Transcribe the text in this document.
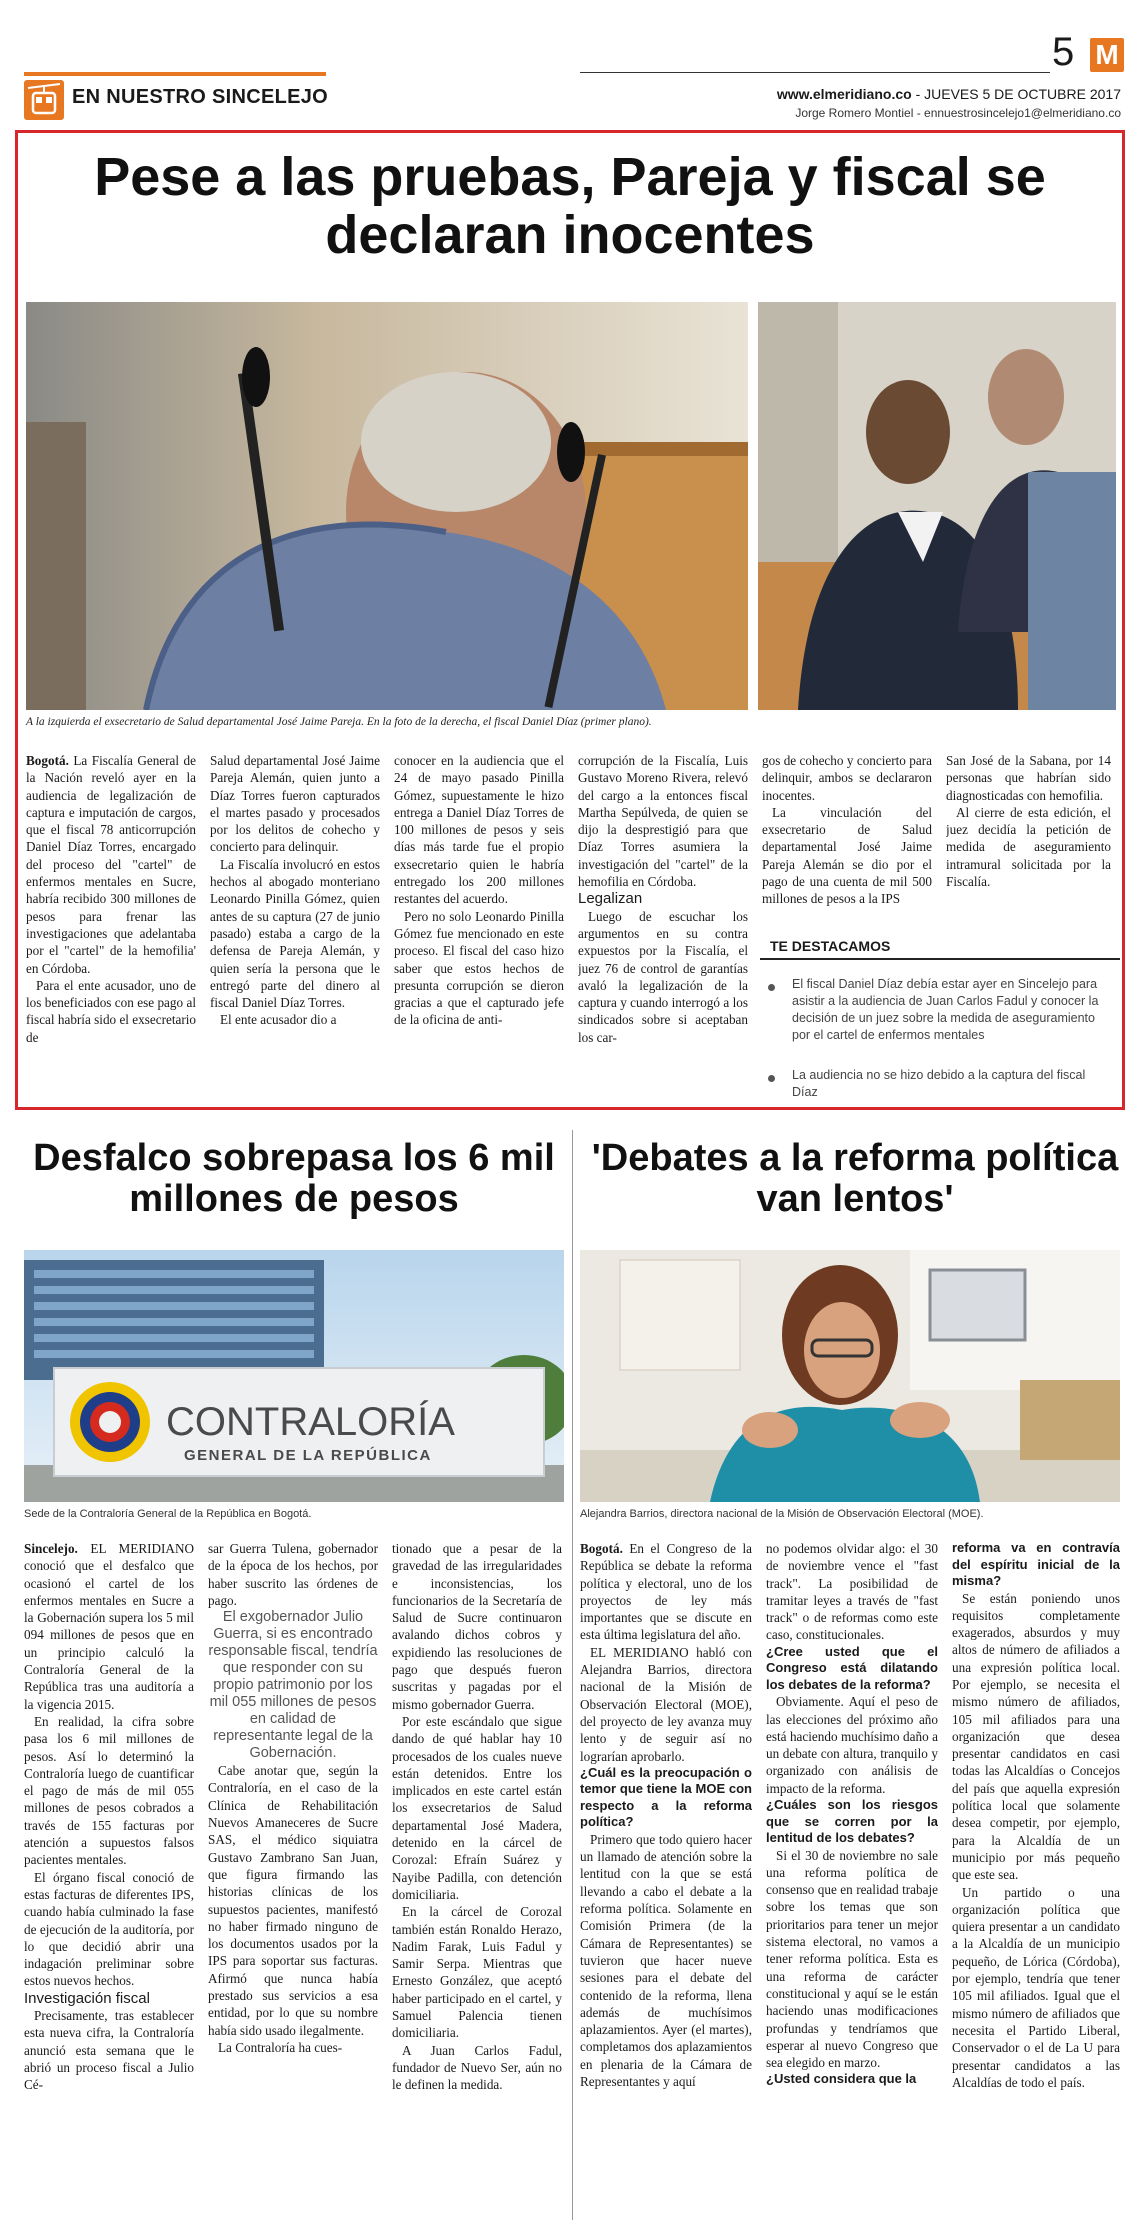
EN NUESTRO SINCELEJO
5 M
www.elmeridiano.co - JUEVES 5 DE OCTUBRE 2017
Jorge Romero Montiel - ennuestrosincelejo1@elmeridiano.co
Pese a las pruebas, Pareja y fiscal se declaran inocentes
A la izquierda el exsecretario de Salud departamental José Jaime Pareja. En la foto de la derecha, el fiscal Daniel Díaz (primer plano).

Bogotá. La Fiscalía General de la Nación reveló ayer en la audiencia de legalización de captura e imputación de cargos, que el fiscal 78 anticorrupción Daniel Díaz Torres, encargado del proceso del "cartel" de enfermos mentales en Sucre, habría recibido 300 millones de pesos para frenar las investigaciones que adelantaba por el "cartel" de la hemofilia' en Córdoba.

Para el ente acusador, uno de los beneficiados con ese pago al fiscal habría sido el exsecretario de

Salud departamental José Jaime Pareja Alemán, quien junto a Díaz Torres fueron capturados el martes pasado y procesados por los delitos de cohecho y concierto para delinquir.

La Fiscalía involucró en estos hechos al abogado monteriano Leonardo Pinilla Gómez, quien antes de su captura (27 de junio pasado) estaba a cargo de la defensa de Pareja Alemán, y quien sería la persona que le entregó parte del dinero al fiscal Daniel Díaz Torres.

El ente acusador dio a

conocer en la audiencia que el 24 de mayo pasado Pinilla Gómez, supuestamente le hizo entrega a Daniel Díaz Torres de 100 millones de pesos y seis días más tarde fue el propio exsecretario quien le habría entregado los 200 millones restantes del acuerdo.

Pero no solo Leonardo Pinilla Gómez fue mencionado en este proceso. El fiscal del caso hizo saber que estos hechos de presunta corrupción se dieron gracias a que el capturado jefe de la oficina de anti-

corrupción de la Fiscalía, Luis Gustavo Moreno Rivera, relevó del cargo a la entonces fiscal Martha Sepúlveda, de quien se dijo la desprestigió para que Díaz Torres asumiera la investigación del "cartel" de la hemofilia en Córdoba.

Legalizan

Luego de escuchar los argumentos en su contra expuestos por la Fiscalía, el juez 76 de control de garantías avaló la legalización de la captura y cuando interrogó a los sindicados sobre si aceptaban los car-

gos de cohecho y concierto para delinquir, ambos se declararon inocentes.

La vinculación del exsecretario de Salud departamental José Jaime Pareja Alemán se dio por el pago de una cuenta de mil 500 millones de pesos a la IPS

San José de la Sabana, por 14 personas que habrían sido diagnosticadas con hemofilia.

Al cierre de esta edición, el juez decidía la petición de medida de aseguramiento intramural solicitada por la Fiscalía.

TE DESTACAMOS
El fiscal Daniel Díaz debía estar ayer en Sincelejo para asistir a la audiencia de Juan Carlos Fadul y conocer la decisión de un juez sobre la medida de aseguramiento por el cartel de enfermos mentales
La audiencia no se hizo debido a la captura del fiscal Díaz
Desfalco sobrepasa los 6 mil millones de pesos
CONTRALORÍA
GENERAL DE LA REPÚBLICA
Sede de la Contraloría General de la República en Bogotá.

Sincelejo. EL MERIDIANO conoció que el desfalco que ocasionó el cartel de los enfermos mentales en Sucre a la Gobernación supera los 5 mil 094 millones de pesos que en un principio calculó la Contraloría General de la República tras una auditoría a la vigencia 2015.

En realidad, la cifra sobre pasa los 6 mil millones de pesos. Así lo determinó la Contraloría luego de cuantificar el pago de más de mil 055 millones de pesos cobrados a través de 155 facturas por atención a supuestos falsos pacientes mentales.

El órgano fiscal conoció de estas facturas de diferentes IPS, cuando había culminado la fase de ejecución de la auditoría, por lo que decidió abrir una indagación preliminar sobre estos nuevos hechos.

Investigación fiscal

Precisamente, tras establecer esta nueva cifra, la Contraloría anunció esta semana que le abrió un proceso fiscal a Julio Cé-

sar Guerra Tulena, gobernador de la época de los hechos, por haber suscrito las órdenes de pago.

El exgobernador Julio Guerra, si es encontrado responsable fiscal, tendría que responder con su propio patrimonio por los mil 055 millones de pesos en calidad de representante legal de la Gobernación.

Cabe anotar que, según la Contraloría, en el caso de la Clínica de Rehabilitación Nuevos Amaneceres de Sucre SAS, el médico siquiatra Gustavo Zambrano San Juan, que figura firmando las historias clínicas de los supuestos pacientes, manifestó no haber firmado ninguno de los documentos usados por la IPS para soportar sus facturas. Afirmó que nunca había prestado sus servicios a esa entidad, por lo que su nombre había sido usado ilegalmente.

La Contraloría ha cues-

tionado que a pesar de la gravedad de las irregularidades e inconsistencias, los funcionarios de la Secretaría de Salud de Sucre continuaron avalando dichos cobros y expidiendo las resoluciones de pago que después fueron suscritas y pagadas por el mismo gobernador Guerra.

Por este escándalo que sigue dando de qué hablar hay 10 procesados de los cuales nueve están detenidos. Entre los implicados en este cartel están los exsecretarios de Salud departamental José Madera, detenido en la cárcel de Corozal: Efraín Suárez y Nayibe Padilla, con detención domiciliaria.

En la cárcel de Corozal también están Ronaldo Herazo, Nadim Farak, Luis Fadul y Samir Serpa. Mientras que Ernesto González, que aceptó haber participado en el cartel, y Samuel Palencia tienen domiciliaria.

A Juan Carlos Fadul, fundador de Nuevo Ser, aún no le definen la medida.

'Debates a la reforma política van lentos'
Alejandra Barrios, directora nacional de la Misión de Observación Electoral (MOE).

Bogotá. En el Congreso de la República se debate la reforma política y electoral, uno de los proyectos de ley más importantes que se discute en esta última legislatura del año.

EL MERIDIANO habló con Alejandra Barrios, directora nacional de la Misión de Observación Electoral (MOE), del proyecto de ley avanza muy lento y de seguir así no lograrían aprobarlo.

¿Cuál es la preocupación o temor que tiene la MOE con respecto a la reforma política?

Primero que todo quiero hacer un llamado de atención sobre la lentitud con la que se está llevando a cabo el debate a la reforma política. Solamente en Comisión Primera (de la Cámara de Representantes) se tuvieron que hacer nueve sesiones para el debate del contenido de la reforma, llena además de muchísimos aplazamientos. Ayer (el martes), completamos dos aplazamientos en plenaria de la Cámara de Representantes y aquí

no podemos olvidar algo: el 30 de noviembre vence el "fast track". La posibilidad de tramitar leyes a través de "fast track" o de reformas como este caso, constitucionales.

¿Cree usted que el Congreso está dilatando los debates de la reforma?

Obviamente. Aquí el peso de las elecciones del próximo año está haciendo muchísimo daño a un debate con altura, tranquilo y organizado con análisis de impacto de la reforma.

¿Cuáles son los riesgos que se corren por la lentitud de los debates?

Si el 30 de noviembre no sale una reforma política de consenso que en realidad trabaje sobre los temas que son prioritarios para tener un mejor sistema electoral, no vamos a tener reforma política. Esta es una reforma de carácter constitucional y aquí se le están haciendo unas modificaciones profundas y tendríamos que esperar al nuevo Congreso que sea elegido en marzo.

¿Usted considera que la

reforma va en contravía del espíritu inicial de la misma?

Se están poniendo unos requisitos completamente exagerados, absurdos y muy altos de número de afiliados a una expresión política local. Por ejemplo, se necesita el mismo número de afiliados, 105 mil afiliados para una organización que desea presentar candidatos en casi todas las Alcaldías o Concejos del país que aquella expresión política local que solamente desea competir, por ejemplo, para la Alcaldía de un municipio por más pequeño que este sea.

Un partido o una organización política que quiera presentar a un candidato a la Alcaldía de un municipio pequeño, de Lórica (Córdoba), por ejemplo, tendría que tener 105 mil afiliados. Igual que el mismo número de afiliados que necesita el Partido Liberal, Conservador o el de La U para presentar candidatos a las Alcaldías de todo el país.
